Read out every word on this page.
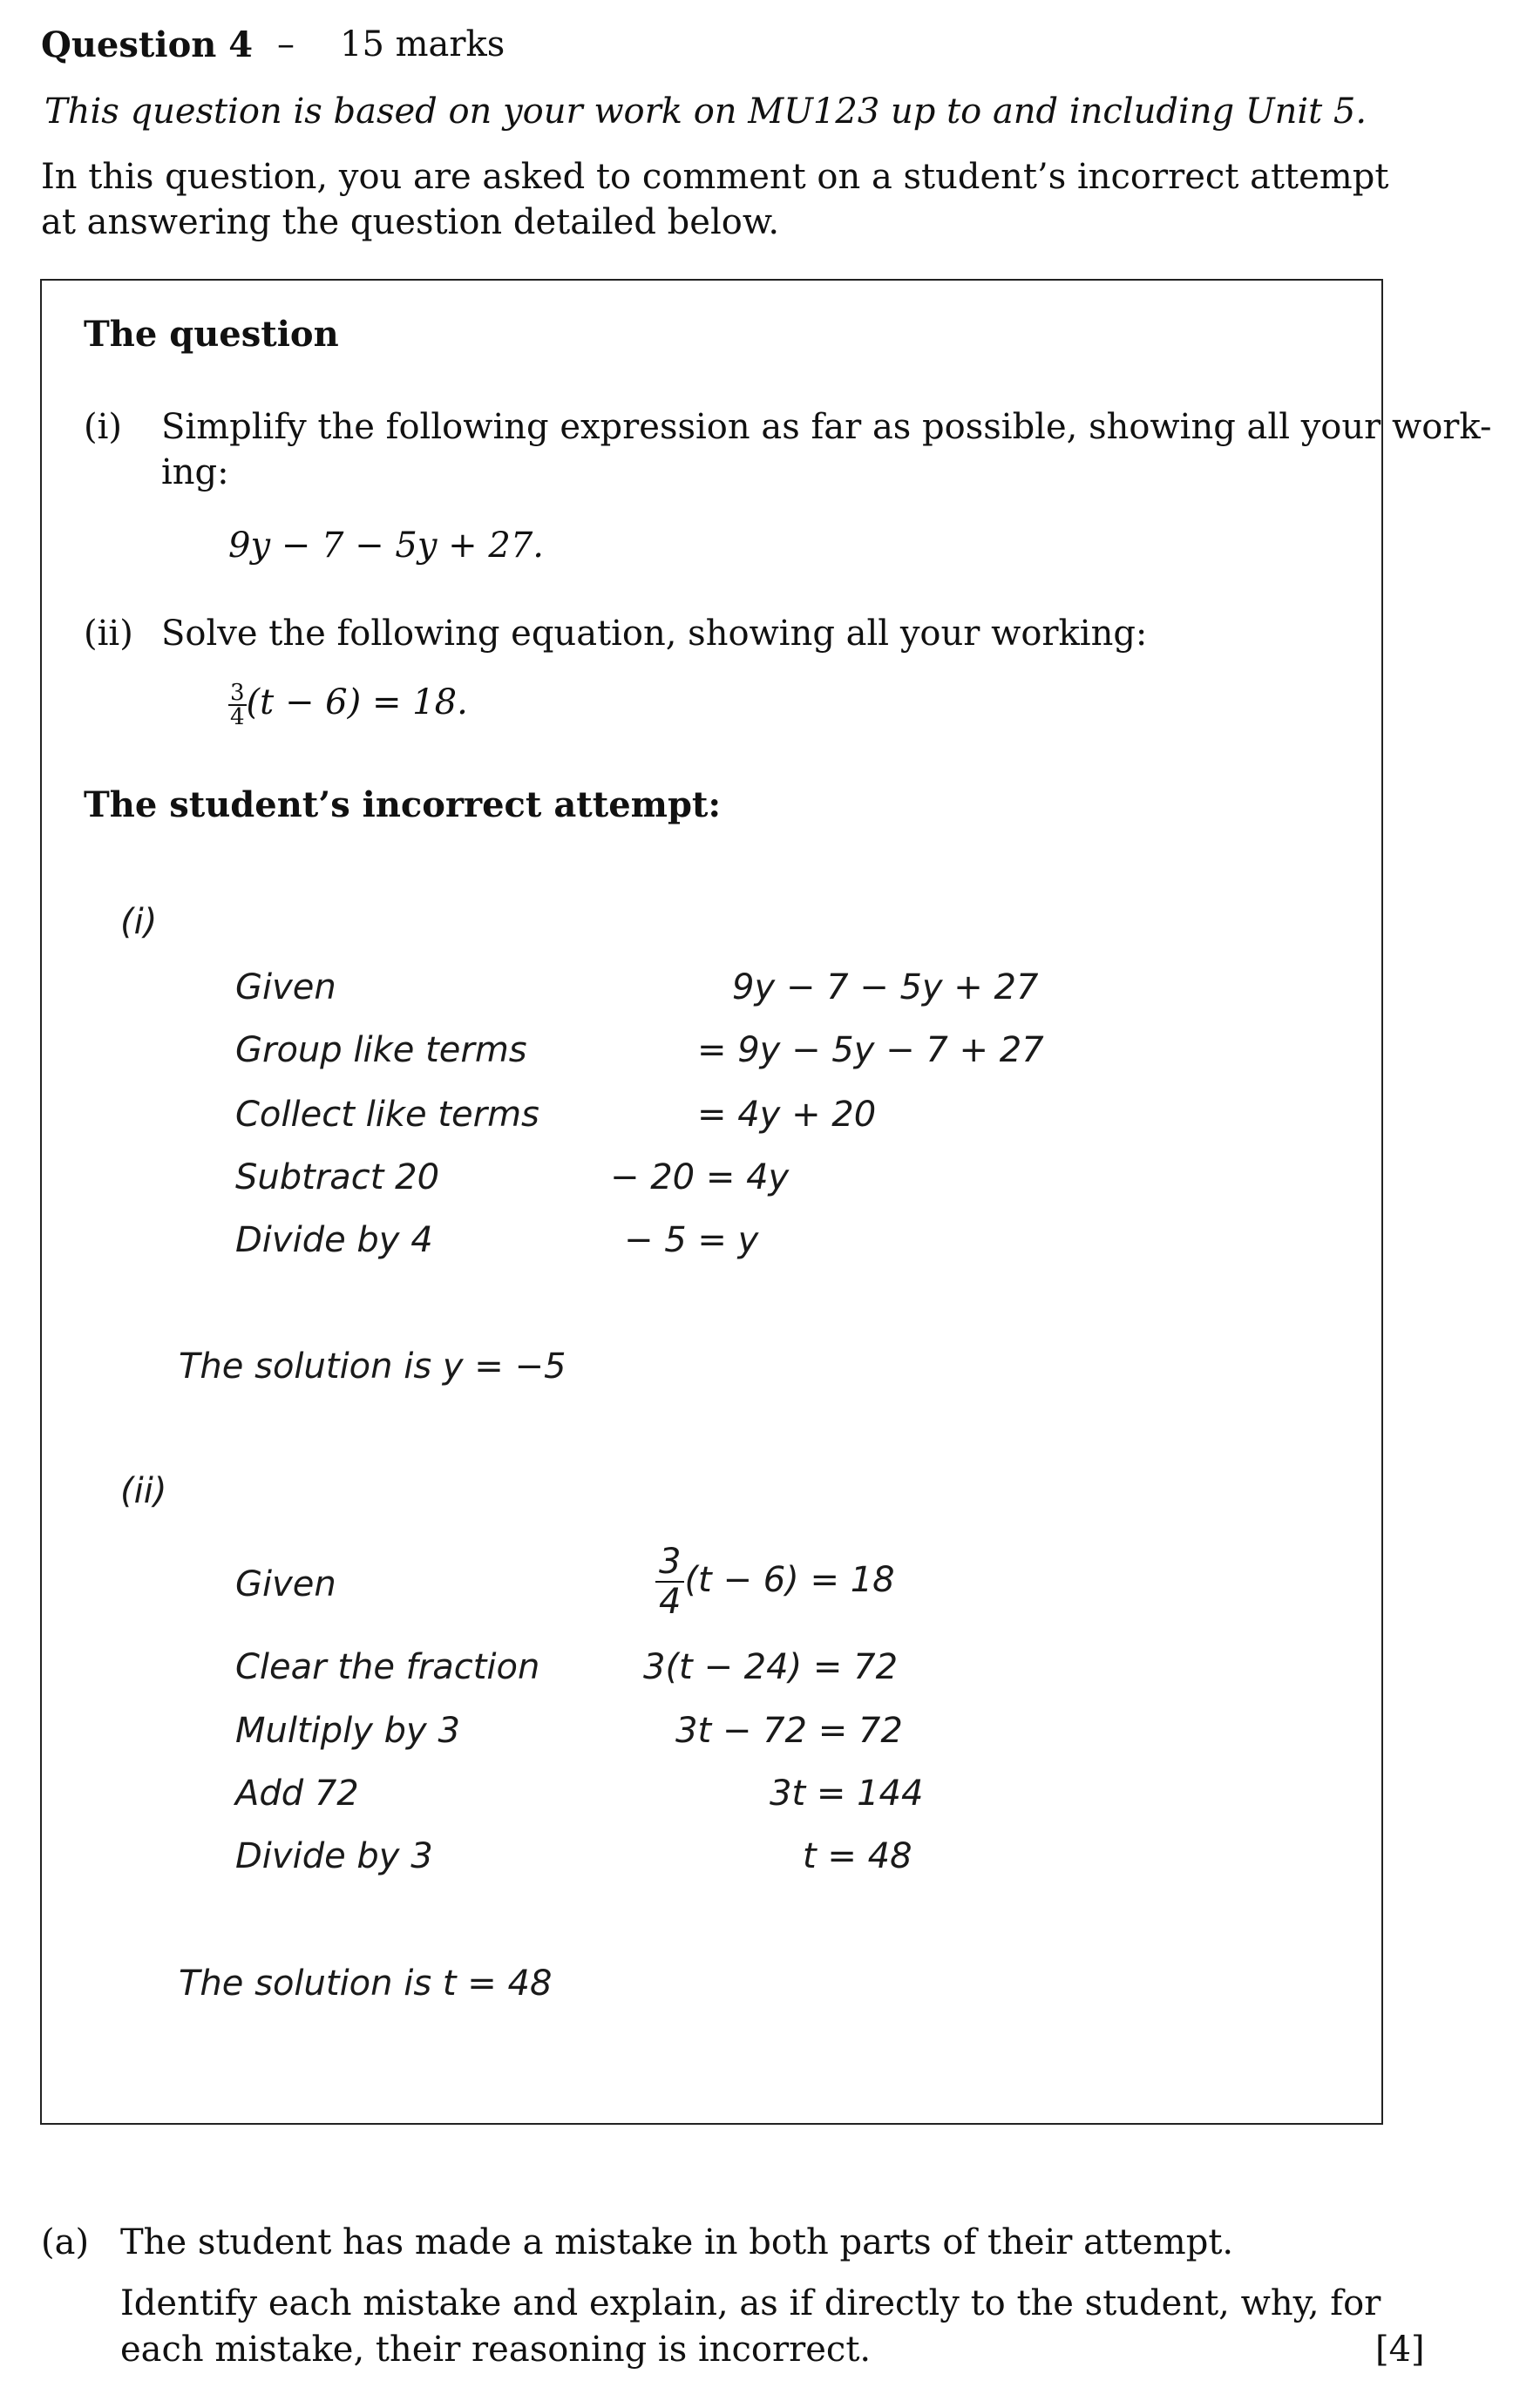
Question 4 – 15 marks
This question is based on your work on MU123 up to and including Unit 5.
In this question, you are asked to comment on a student’s incorrect attempt
at answering the question detailed below.
The question
(i) Simplify the following expression as far as possible, showing all your work-
ing:
9y − 7 − 5y + 27.
(ii) Solve the following equation, showing all your working:
$\frac{3}{4} (t - 6) = 18$.
The student’s incorrect attempt:
(i)
Given	9y − 7 − 5y + 27
Group like terms	= 9y − 5y − 7 + 27
Collect like terms	= 4y + 20
Subtract 20	− 20 = 4y
Divide by 4	− 5 = y
The solution is y = −5
(ii)
Given	$\frac{3}{4} (t - 6) = 18$
Clear the fraction	3(t − 24) = 72
Multiply by 3	3t − 72 = 72
Add 72	3t = 144
Divide by 3	t = 48
The solution is t = 48
(a) The student has made a mistake in both parts of their attempt.
Identify each mistake and explain, as if directly to the student, why, for
each mistake, their reasoning is incorrect.	[4]
